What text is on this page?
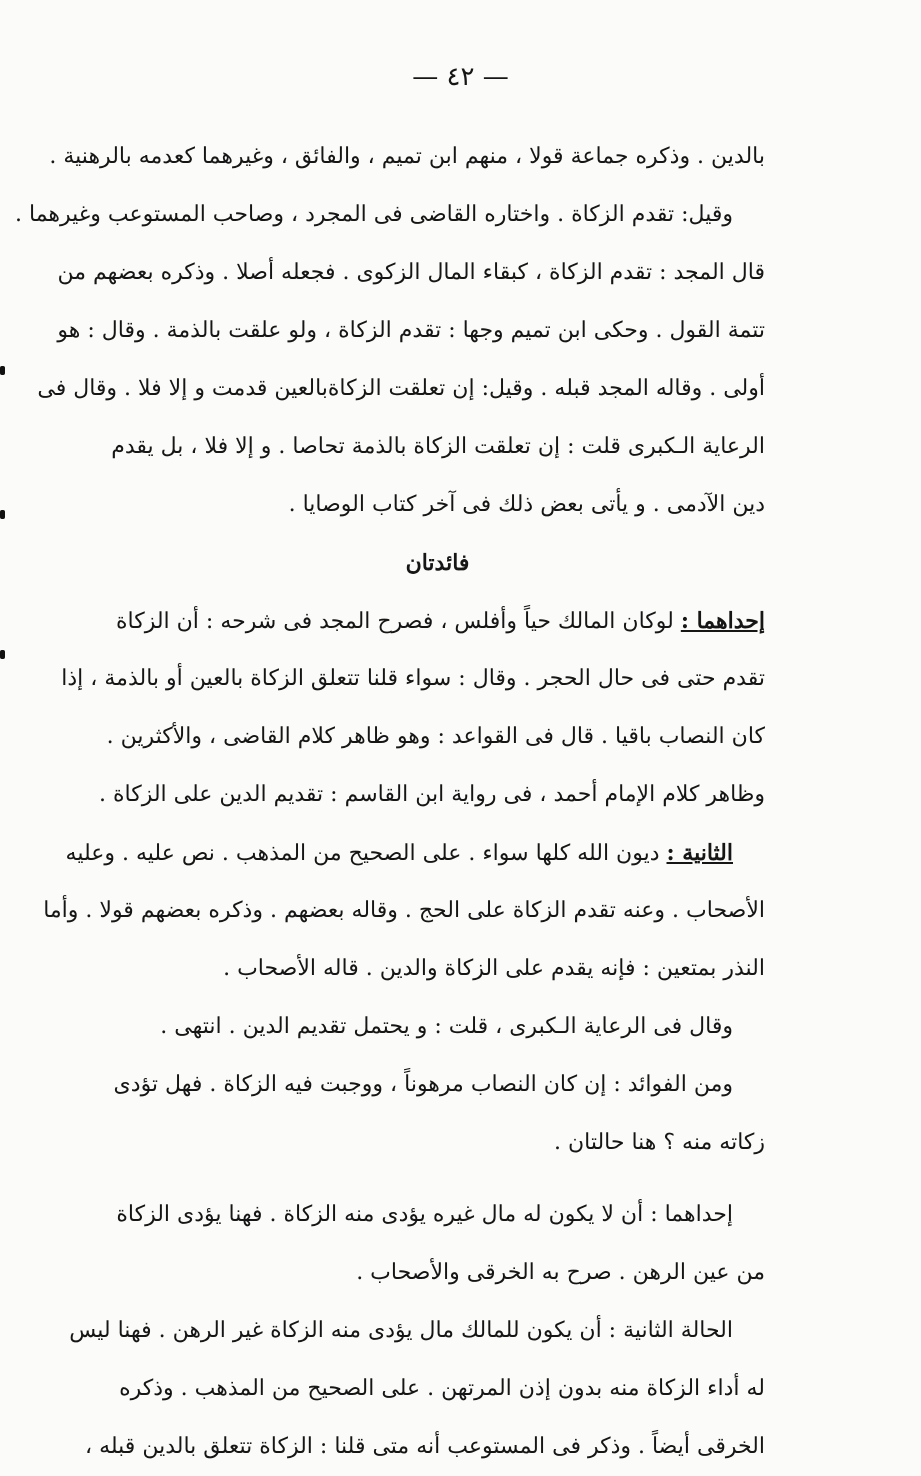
— ٤٢ —
بالدين . وذكره جماعة قولا ، منهم ابن تميم ، والفائق ، وغيرهما كعدمه بالرهنية .
وقيل: تقدم الزكاة . واختاره القاضى فى المجرد ، وصاحب المستوعب وغيرهما .
قال المجد : تقدم الزكاة ، كبقاء المال الزكوى . فجعله أصلا . وذكره بعضهم من
تتمة القول . وحكى ابن تميم وجها : تقدم الزكاة ، ولو علقت بالذمة . وقال : هو
أولى . وقاله المجد قبله . وقيل: إن تعلقت الزكاةبالعين قدمت و إلا فلا . وقال فى
الرعاية الـكبرى قلت : إن تعلقت الزكاة بالذمة تحاصا . و إلا فلا ، بل يقدم
دين الآدمى . و يأتى بعض ذلك فى آخر كتاب الوصايا .
فائدتان
إحداهما : لوكان المالك حياً وأفلس ، فصرح المجد فى شرحه : أن الزكاة
تقدم حتى فى حال الحجر . وقال : سواء قلنا تتعلق الزكاة بالعين أو بالذمة ، إذا
كان النصاب باقيا . قال فى القواعد : وهو ظاهر كلام القاضى ، والأكثرين .
وظاهر كلام الإمام أحمد ، فى رواية ابن القاسم : تقديم الدين على الزكاة .
الثانية : ديون الله كلها سواء . على الصحيح من المذهب . نص عليه . وعليه
الأصحاب . وعنه تقدم الزكاة على الحج . وقاله بعضهم . وذكره بعضهم قولا . وأما
النذر بمتعين : فإنه يقدم على الزكاة والدين . قاله الأصحاب .
وقال فى الرعاية الـكبرى ، قلت : و يحتمل تقديم الدين . انتهى .
ومن الفوائد : إن كان النصاب مرهوناً ، ووجبت فيه الزكاة . فهل تؤدى
زكاته منه ؟ هنا حالتان .
إحداهما : أن لا يكون له مال غيره يؤدى منه الزكاة . فهنا يؤدى الزكاة
من عين الرهن . صرح به الخرقى والأصحاب .
الحالة الثانية : أن يكون للمالك مال يؤدى منه الزكاة غير الرهن . فهنا ليس
له أداء الزكاة منه بدون إذن المرتهن . على الصحيح من المذهب . وذكره
الخرقى أيضاً . وذكر فى المستوعب أنه متى قلنا : الزكاة تتعلق بالدين قبله ،
